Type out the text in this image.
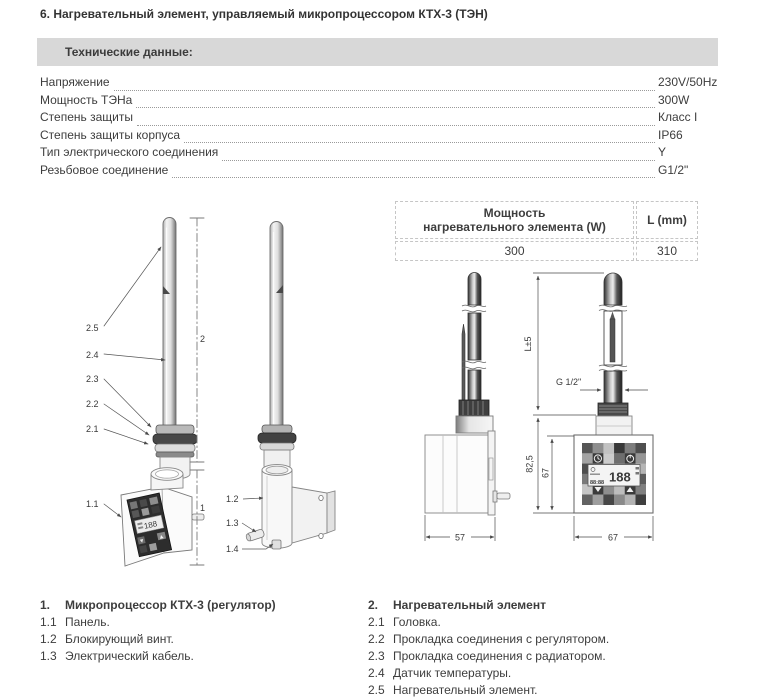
6. Нагревательный элемент, управляемый микропроцессором КТХ-3 (ТЭН)
Технические данные:
Напряжение	230V/50Hz
Мощность ТЭНа	300W
Степень защиты	Класс I
Степень защиты корпуса	IP66
Тип электрического соединения	Y
Резьбовое соединение	G1/2"
Мощность
нагревательного элемента (W)	L (mm)
300	310
188
2
1
2.5
2.4
2.3
2.2
2.1
1.1	1.2
1.3
1.4
57
188
88:88
L±5
82,5
67
G 1/2"
67
1.	Микропроцессор КТХ-3 (регулятор)
1.1 Панель.
1.2 Блокирующий винт.
1.3 Электрический кабель.
2.	Нагревательный элемент
2.1 Головка.
2.2 Прокладка соединения с регулятором.
2.3 Прокладка соединения с радиатором.
2.4 Датчик температуры.
2.5 Нагревательный элемент.
